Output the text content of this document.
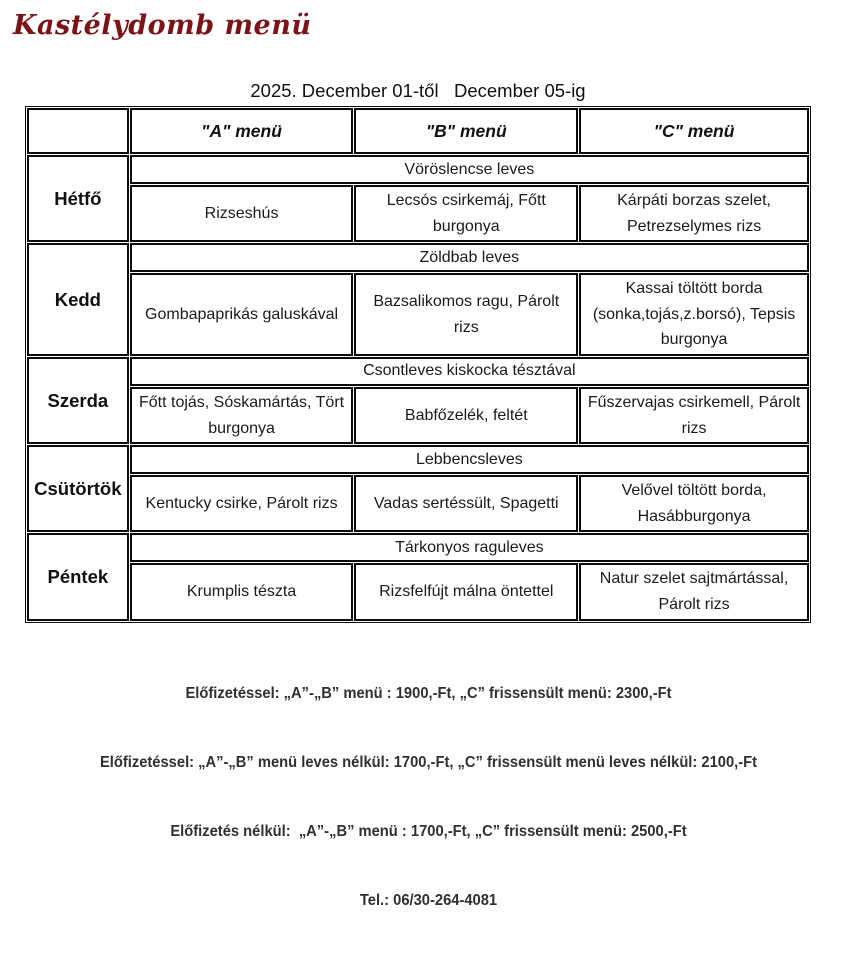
Kastélydomb menü
2025. December 01-től   December 05-ig
	"A" menü	"B" menü	"C" menü
Hétfő	Vöröslencse leves		
	Rizseshús	Lecsós csirkemáj, Főtt burgonya	Kárpáti borzas szelet, Petrezselymes rizs
Kedd	Zöldbab leves		
	Gombapaprikás galuskával	Bazsalikomos ragu, Párolt rizs	Kassai töltött borda (sonka,tojás,z.borsó), Tepsis burgonya
Szerda	Csontleves kiskocka tésztával		
	Főtt tojás, Sóskamártás, Tört burgonya	Babfőzelék, feltét	Fűszervajas csirkemell, Párolt rizs
Csütörtök	Lebbencsleves		
	Kentucky csirke, Párolt rizs	Vadas sertéssült, Spagetti	Velővel töltött borda, Hasábburgonya
Péntek	Tárkonyos raguleves		
	Krumplis tészta	Rizsfelfújt málna öntettel	Natur szelet sajtmártással, Párolt rizs

Előfizetéssel: „A”-„B” menü : 1900,-Ft, „C” frissensült menü: 2300,-Ft

Előfizetéssel: „A”-„B” menü leves nélkül: 1700,-Ft, „C” frissensült menü leves nélkül: 2100,-Ft

Előfizetés nélkül:  „A”-„B” menü : 1700,-Ft, „C” frissensült menü: 2500,-Ft

Tel.: 06/30-264-4081
